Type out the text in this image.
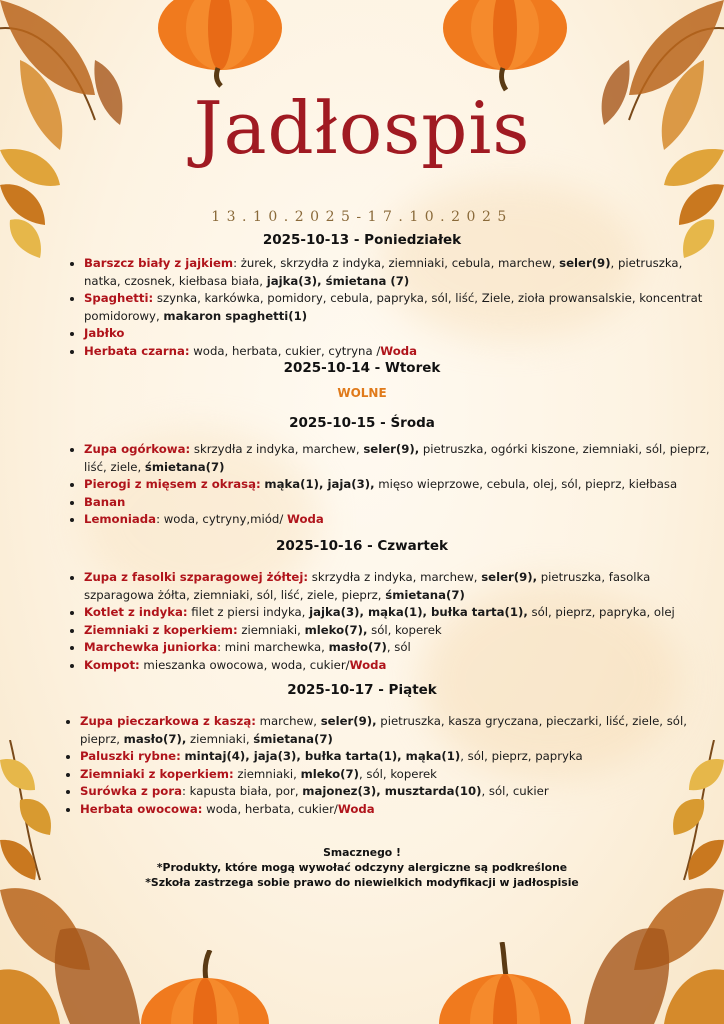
Jadłospis
13.10.2025-17.10.2025
2025-10-13 - Poniedziałek
• Barszcz biały z jajkiem: żurek, skrzydła z indyka, ziemniaki, cebula, marchew, seler(9), pietruszka, natka, czosnek, kiełbasa biała, jajka(3), śmietana (7)
• Spaghetti: szynka, karkówka, pomidory, cebula, papryka, sól, liść, Ziele, zioła prowansalskie, koncentrat pomidorowy, makaron spaghetti(1)
• Jabłko
• Herbata czarna: woda, herbata, cukier, cytryna /Woda
2025-10-14 - Wtorek
WOLNE
2025-10-15 - Środa
• Zupa ogórkowa: skrzydła z indyka, marchew, seler(9), pietruszka, ogórki kiszone, ziemniaki, sól, pieprz, liść, ziele, śmietana(7)
• Pierogi z mięsem z okrasą: mąka(1), jaja(3), mięso wieprzowe, cebula, olej, sól, pieprz, kiełbasa
• Banan
• Lemoniada: woda, cytryny,miód/ Woda
2025-10-16 - Czwartek
• Zupa z fasolki szparagowej żółtej: skrzydła z indyka, marchew, seler(9), pietruszka, fasolka szparagowa żółta, ziemniaki, sól, liść, ziele, pieprz, śmietana(7)
• Kotlet z indyka: filet z piersi indyka, jajka(3), mąka(1), bułka tarta(1), sól, pieprz, papryka, olej
• Ziemniaki z koperkiem: ziemniaki, mleko(7), sól, koperek
• Marchewka juniorka: mini marchewka, masło(7), sól
• Kompot: mieszanka owocowa, woda, cukier/Woda
2025-10-17 - Piątek
• Zupa pieczarkowa z kaszą: marchew, seler(9), pietruszka, kasza gryczana, pieczarki, liść, ziele, sól, pieprz, masło(7), ziemniaki, śmietana(7)
• Paluszki rybne: mintaj(4), jaja(3), bułka tarta(1), mąka(1), sól, pieprz, papryka
• Ziemniaki z koperkiem: ziemniaki, mleko(7), sól, koperek
• Surówka z pora: kapusta biała, por, majonez(3), musztarda(10), sól, cukier
• Herbata owocowa: woda, herbata, cukier/Woda
Smacznego !
*Produkty, które mogą wywołać odczyny alergiczne są podkreślone
*Szkoła zastrzega sobie prawo do niewielkich modyfikacji w jadłospisie
